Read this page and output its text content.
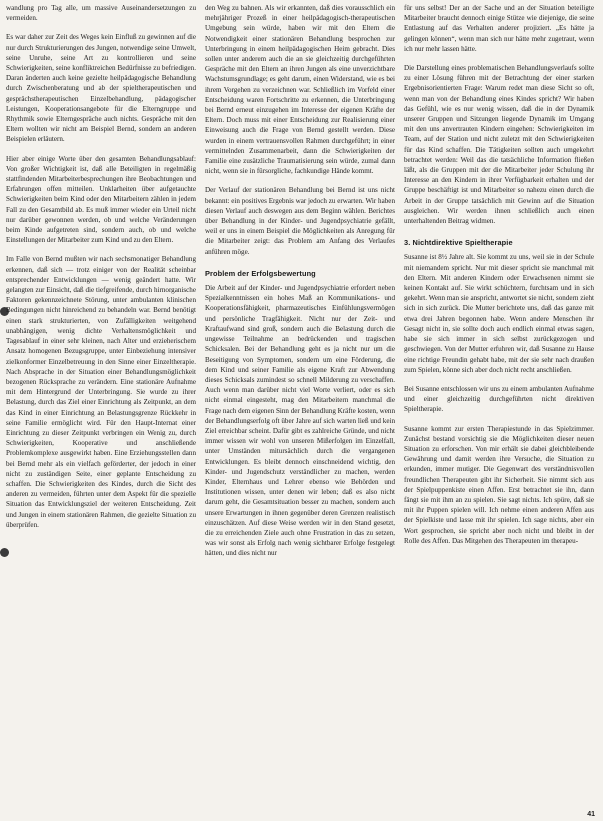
wandlung pro Tag alle, um massive Auseinandersetzungen zu vermeiden.

Es war daher zur Zeit des Weges kein Einfluß zu gewinnen auf die nur durch Strukturierungen des Jungen, notwendige seine Umwelt, seine Unruhe, seine Art zu kontrollieren und seine Schwierigkeiten, seine konfliktreichen Bedürfnisse zu befriedigen. Daran änderten auch keine gezielte heilpädagogische Behandlung durch Zwischenberatung und ab der spieltherapeutischen und gesprächstherapeutischen Einzelbehandlung, pädagogischer Leistungen, Kooperationsangebote für die Elterngruppe und Rhythmik sowie Elterngespräche auch nichts. Gespräche mit den Eltern wollten wir nicht am Beispiel Bernd, sondern an anderen Beispielen erläutern.

Hier aber einige Worte über den gesamten Behandlungsablauf: Von großer Wichtigkeit ist, daß alle Beteiligten in regelmäßig stattfindenden Mitarbeiterbesprechungen ihre Beobachtungen und Erfahrungen offen mitteilen. Unklarheiten über aufgetauchte Schwierigkeiten beim Kind oder den Mitarbeitern zählen in jedem Fall zu den Gesamtbild ab. Es muß immer wieder ein Urteil nicht nur darüber gewonnen werden, ob und welche Veränderungen beim Kinde aufgetreten sind, sondern auch, ob und welche Einstellungen der Mitarbeiter zum Kind und zu den Eltern.

Im Falle von Bernd mußten wir nach sechsmonatiger Behandlung erkennen, daß sich — trotz einiger von der Realität scheinbar entsprechender Entwicklungen — wenig geändert hatte. Wir gelangten zur Einsicht, daß die tiefgreifende, durch hirnorganische Faktoren gekennzeichnete Störung, unter ambulanten klinischen Bedingungen nicht hinreichend zu behandeln war. Bernd benötigt einen stark strukturierten, von Zufälligkeiten weitgehend unabhängigen, wenig dichte Verhaltensmöglichkeit und Tagesablauf in einer sehr kleinen, nach Alter und erzieherischem Ansatz homogenen Bezugsgruppe, unter Einbeziehung intensiver zielkonformer Einzelbetreuung in den Sinne einer Einzeltherapie. Nach Absprache in der Situation einer Behandlungsmöglichkeit bezogenen Rücksprache zu verändern. Eine stationäre Aufnahme mit dem Hintergrund der Unterbringung. Sie wurde zu ihrer Belastung, durch das Ziel einer Einrichtung als Zeitpunkt, an dem das Kind in einer Einrichtung an Belastungsgrenze Rückkehr in seine Familie ermöglicht wird. Für den Haupt-Internat einer Einrichtung zu dieser Zeitpunkt verbringen ein Wenig zu, durch Schwierigkeiten, Kooperative und anschließende Problemkomplexe ausgewirkt haben. Eine Erziehungsstellen dann bei Bernd mehr als ein vielfach geförderter, der jedoch in einer nicht zu zuständigen Seite, einer geplante Entscheidung zu schaffen. Die Schwierigkeiten des Kindes, durch die Sicht des anderen zu vermeiden, führten unter dem Aspekt für die spezielle Situation das Entwicklungsziel der weiteren Entscheidung. Zeit und Jungen in einem stationären Rahmen, die gezielte Situation zu überprüfen.

den Weg zu bahnen. Als wir erkannten, daß dies vorausschlich ein mehrjähriger Prozeß in einer heilpädagogisch-therapeutischen Umgebung sein würde, haben wir mit den Eltern die Notwendigkeit einer stationären Behandlung besprochen zur Unterbringung in einem heilpädagogischen Heim gebracht. Dies sollen unter anderem auch die an sie gleichzeitig durchgeführten Gespräche mit den Eltern an ihren Jungen als eine unverzichtbare Wachstumsgrundlage; es geht darum, einen Widerstand, wie es bei ihrem Vorgehen zu verzeichnen war. Schließlich im Vorfeld einer Entscheidung waren Fortschritte zu erkennen, die Unterbringung bei Bernd erneut einzugehen im Interesse der eigenen Kräfte der Eltern. Doch muss mit einer Entscheidung zur Realisierung einer Einweisung auch die Frage von Bernd gestellt werden. Diese wurden in einem vertrauensvollen Rahmen durchgeführt; in einer vermittelnden Zusammenarbeit, dann die Schwierigkeiten der Familie eine zusätzliche Traumatisierung sein würde, zumal dann nicht, wenn sie in fürsorgliche, fachkundige Hände kommt.

Der Verlauf der stationären Behandlung bei Bernd ist uns nicht bekannt: ein positives Ergebnis war jedoch zu erwarten. Wir haben diesen Verlauf auch deswegen aus dem Beginn wählen. Berichtes über Behandlung in der Kinder- und Jugendpsychiatrie gefällt, weil er uns in einem Beispiel die Möglichkeiten als Anregung für die Mitarbeiter zeigt: das Problem am Anfang des Verlaufes anführen möge.

Problem der Erfolgsbewertung

Die Arbeit auf der Kinder- und Jugendpsychiatrie erfordert neben Spezialkenntnissen ein hohes Maß an Kommunikations- und Kooperationsfähigkeit, pharmazeutisches Einfühlungsvermögen und persönliche Tragfähigkeit. Nicht nur der Zeit- und Kraftaufwand sind groß, sondern auch die Belastung durch die ungewisse Teilnahme an bedrückenden und tragischen Schicksalen. Bei der Behandlung geht es ja nicht nur um die Beseitigung von Symptomen, sondern um eine Förderung, die dem Kind und seiner Familie als eigene Kraft zur Abwendung dieses Schicksals zumindest so schnell Milderung zu verschaffen. Auch wenn man darüber nicht viel Worte verliert, oder es sich nicht einmal eingesteht, mag den Mitarbeitern manchmal die Frage nach dem eigenen Sinn der Behandlung Kräfte kosten, wenn der Behandlungserfolg oft über Jahre auf sich warten ließ und kein Ziel erreichbar scheint. Dafür gibt es zahlreiche Gründe, und nicht immer wissen wir wohl von unseren Mißerfolgen im Einzelfall, unter Umständen mitursächlich durch die vergangenen Entwicklungen. Es bleibt dennoch einschneidend wichtig, den Kinder- und Jugendschutz verständlicher zu machen, werden Kinder, Elternhaus und Lehrer ebenso wie Behörden und Institutionen wissen, unter denen wir leben; daß es also nicht darum geht, die Gesamtsituation besser zu machen, sondern auch unsere Erwartungen in ihnen gegenüber deren Grenzen realistisch einzuschätzen. Auf diese Weise werden wir in den Stand gesetzt, die zu erreichenden Ziele auch ohne Frustration in das zu setzen, was wir sonst als Erfolg nach wenig sichtbarer Erfolge festgelegt hätten, und dies nicht nur

für uns selbst! Der an der Sache und an der Situation beteiligte Mitarbeiter braucht dennoch einige Stütze wie diejenige, die seine Entlastung auf das Verhalten anderer projiziert. „Es hätte ja gelingen können“, wenn man sich nur hätte mehr zugetraut, wenn ich nur mehr lassen hätte.

Die Darstellung eines problematischen Behandlungsverlaufs sollte zu einer Lösung führen mit der Betrachtung der einer starken Ergebnisorientierten Frage: Warum redet man diese Sicht so oft, wenn man von der Behandlung eines Kindes spricht? Wir haben das Gefühl, wie es nur wenig wissen, daß die in der Dynamik unserer Gruppen und Sitzungen liegende Dynamik im Umgang mit den uns anvertrauten Kindern eingehen: Schwierigkeiten im Team, auf der Station und nicht zuletzt mit den Schwierigkeiten für das Kind schaffen. Die Tätigkeiten sollten auch umgekehrt betrachtet werden: Weil das die tatsächliche Information fließen läßt, als die Gruppen mit der die Mitarbeiter jeder Schulung ihr Interesse an den Kindern in ihrer Verfügbarkeit erhalten und der Gruppe beschäftigt ist und Mitarbeiter so nahezu einen durch die Arbeit in der Gruppe tatsächlich mit Gewinn auf die Situation ausgleichen. Wir werden ihnen schließlich auch einen unterhaltenden Beitrag widmen.

3. Nichtdirektive Spieltherapie

Susanne ist 8½ Jahre alt. Sie kommt zu uns, weil sie in der Schule mit niemandem spricht. Nur mit dieser spricht sie manchmal mit den Eltern. Mit anderen Kindern oder Erwachsenen nimmt sie keinen Kontakt auf. Sie wirkt schüchtern, furchtsam und in sich gekehrt. Wenn man sie anspricht, antwortet sie nicht, sondern zieht sich in sich zurück. Die Mutter berichtete uns, daß das ganze mit etwa drei Jahren begonnen habe. Wenn andere Menschen ihr Gesagt nicht in, sie sollte doch auch endlich einmal etwas sagen, habe sie sich immer in sich selbst zurückgezogen und geschwiegen. Von der Mutter erfuhren wir, daß Susanne zu Hause eine richtige Freundin gehabt habe, mit der sie sehr nach draußen zum Spielen, könne sich aber doch nicht recht anschließen.

Bei Susanne entschlossen wir uns zu einem ambulanten Aufnahme und einer gleichzeitig durchgeführten nicht direktiven Spieltherapie.

Susanne kommt zur ersten Therapiestunde in das Spielzimmer. Zunächst bestand vorsichtig sie die Möglichkeiten dieser neuen Situation zu erforschen. Von mir erhält sie dabei gleichbleibende Gewährung und damit werden ihre Versuche, die Situation zu erkunden, immer mutiger. Die Gegenwart des verständnisvollen freundlichen Therapeuten gibt ihr Sicherheit. Sie nimmt sich aus der Spielpuppenkiste einen Affen. Erst betrachtet sie ihn, dann fängt sie mit ihm an zu spielen. Sie sagt nichts. Ich spüre, daß sie mit ihr Puppen spielen will. Ich nehme einen anderen Affen aus der Spielkiste und lasse mit ihr spielen. Ich sage nichts, aber ein Wort gesprochen, sie spricht aber noch nicht und bleibt in der Rolle des Affen. Das Mitgehen des Therapeuten im therapeu-

41
